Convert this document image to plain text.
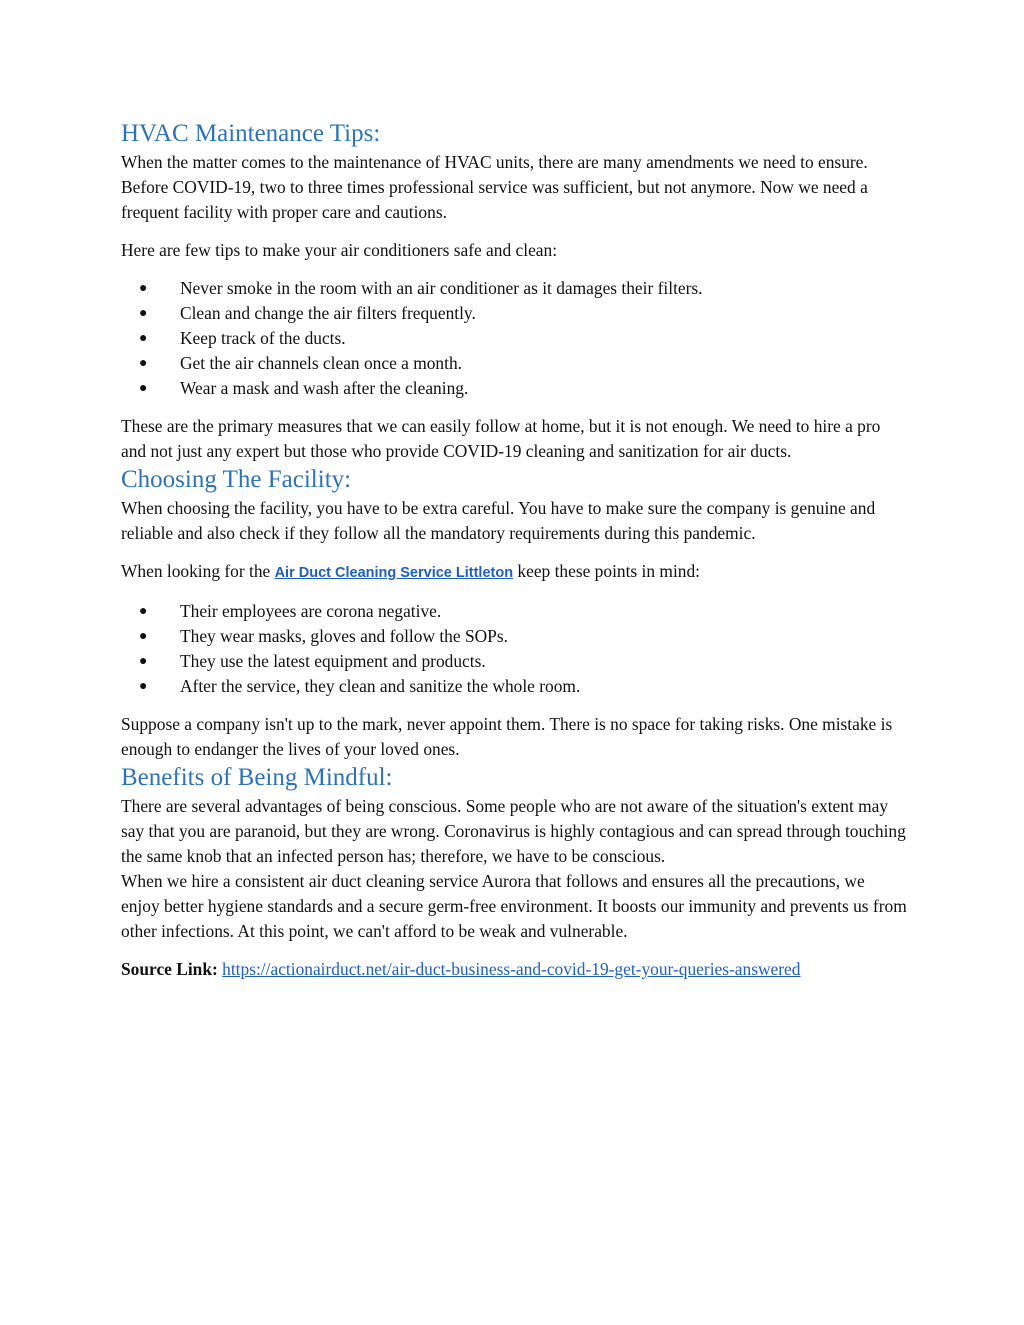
HVAC Maintenance Tips:

When the matter comes to the maintenance of HVAC units, there are many amendments we need to ensure. Before COVID-19, two to three times professional service was sufficient, but not anymore. Now we need a frequent facility with proper care and cautions.

Here are few tips to make your air conditioners safe and clean:

● Never smoke in the room with an air conditioner as it damages their filters.
● Clean and change the air filters frequently.
● Keep track of the ducts.
● Get the air channels clean once a month.
● Wear a mask and wash after the cleaning.

These are the primary measures that we can easily follow at home, but it is not enough. We need to hire a pro and not just any expert but those who provide COVID-19 cleaning and sanitization for air ducts.

Choosing The Facility:

When choosing the facility, you have to be extra careful. You have to make sure the company is genuine and reliable and also check if they follow all the mandatory requirements during this pandemic.

When looking for the Air Duct Cleaning Service Littleton keep these points in mind:

● Their employees are corona negative.
● They wear masks, gloves and follow the SOPs.
● They use the latest equipment and products.
● After the service, they clean and sanitize the whole room.

Suppose a company isn't up to the mark, never appoint them. There is no space for taking risks. One mistake is enough to endanger the lives of your loved ones.

Benefits of Being Mindful:

There are several advantages of being conscious. Some people who are not aware of the situation's extent may say that you are paranoid, but they are wrong. Coronavirus is highly contagious and can spread through touching the same knob that an infected person has; therefore, we have to be conscious.

When we hire a consistent air duct cleaning service Aurora that follows and ensures all the precautions, we enjoy better hygiene standards and a secure germ-free environment. It boosts our immunity and prevents us from other infections. At this point, we can't afford to be weak and vulnerable.

Source Link: https://actionairduct.net/air-duct-business-and-covid-19-get-your-queries-answered
